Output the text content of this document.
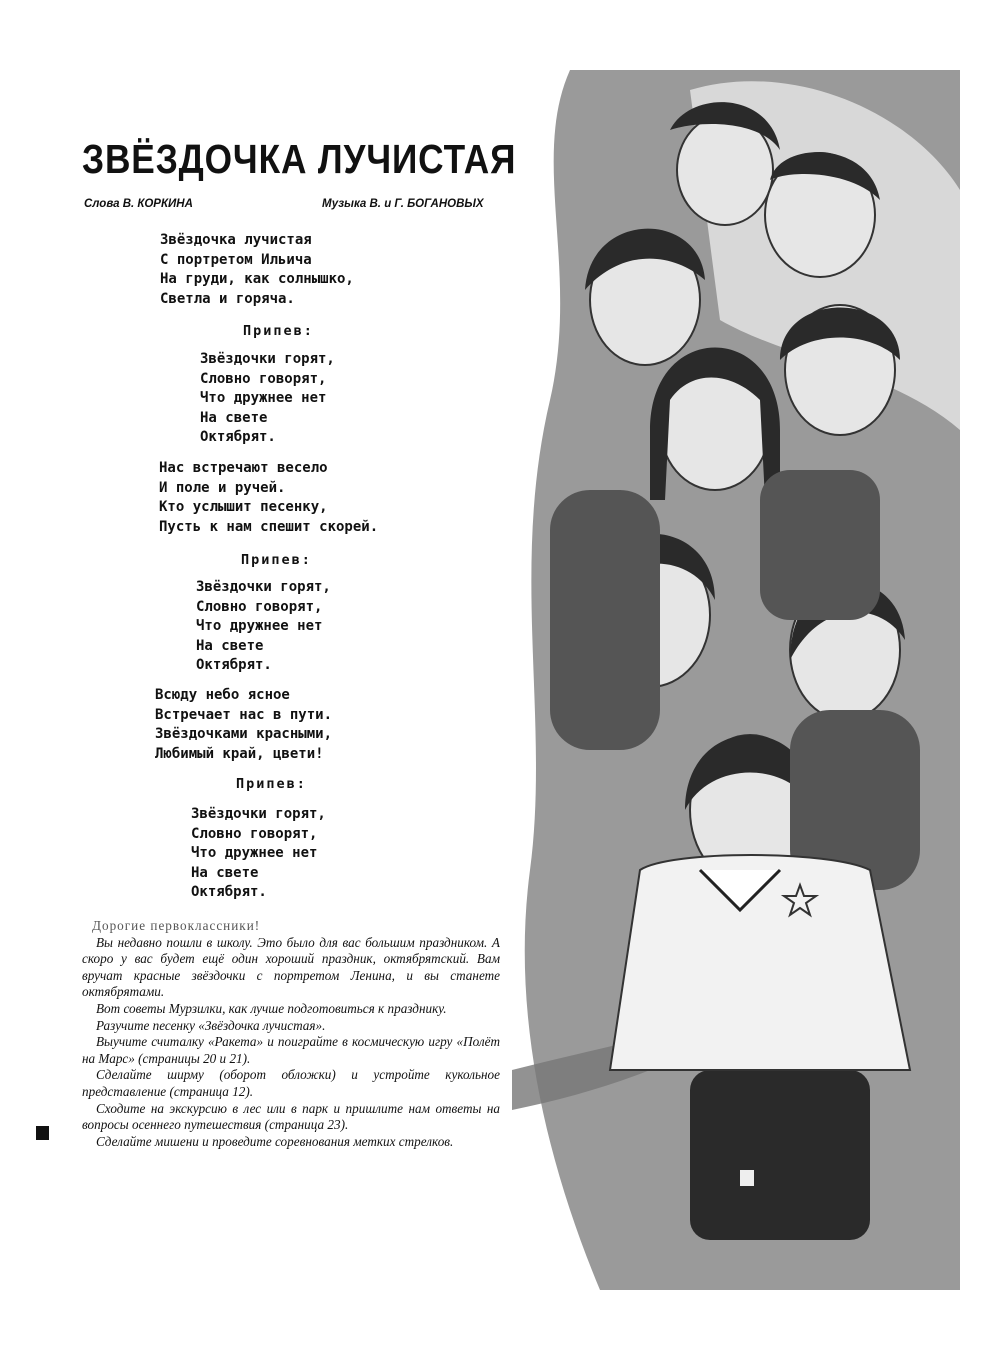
ЗВЁЗДОЧКА ЛУЧИСТАЯ
Слова В. КОРКИНА	Музыка В. и Г. БОГАНОВЫХ
Звёздочка лучистая
С портретом Ильича
На груди, как солнышко,
Светла и горяча.
Припев:
Звёздочки горят,
Словно говорят,
Что дружнее нет
На свете
Октябрят.
Нас встречают весело
И поле и ручей.
Кто услышит песенку,
Пусть к нам спешит скорей.
Припев:
Звёздочки горят,
Словно говорят,
Что дружнее нет
На свете
Октябрят.
Всюду небо ясное
Встречает нас в пути.
Звёздочками красными,
Любимый край, цвети!
Припев:
Звёздочки горят,
Словно говорят,
Что дружнее нет
На свете
Октябрят.

Дорогие первоклассники!

Вы недавно пошли в школу. Это было для вас большим праздником. А скоро у вас будет ещё один хороший праздник, октябрятский. Вам вручат красные звёздочки с портретом Ленина, и вы станете октябрятами.

Вот советы Мурзилки, как лучше подготовиться к празднику.

Разучите песенку «Звёздочка лучистая».

Выучите считалку «Ракета» и поиграйте в космическую игру «Полёт на Марс» (страницы 20 и 21).

Сделайте ширму (оборот обложки) и устройте кукольное представление (страница 12).

Сходите на экскурсию в лес или в парк и пришлите нам ответы на вопросы осеннего путешествия (страница 23).

Сделайте мишени и проведите соревнования метких стрелков.
